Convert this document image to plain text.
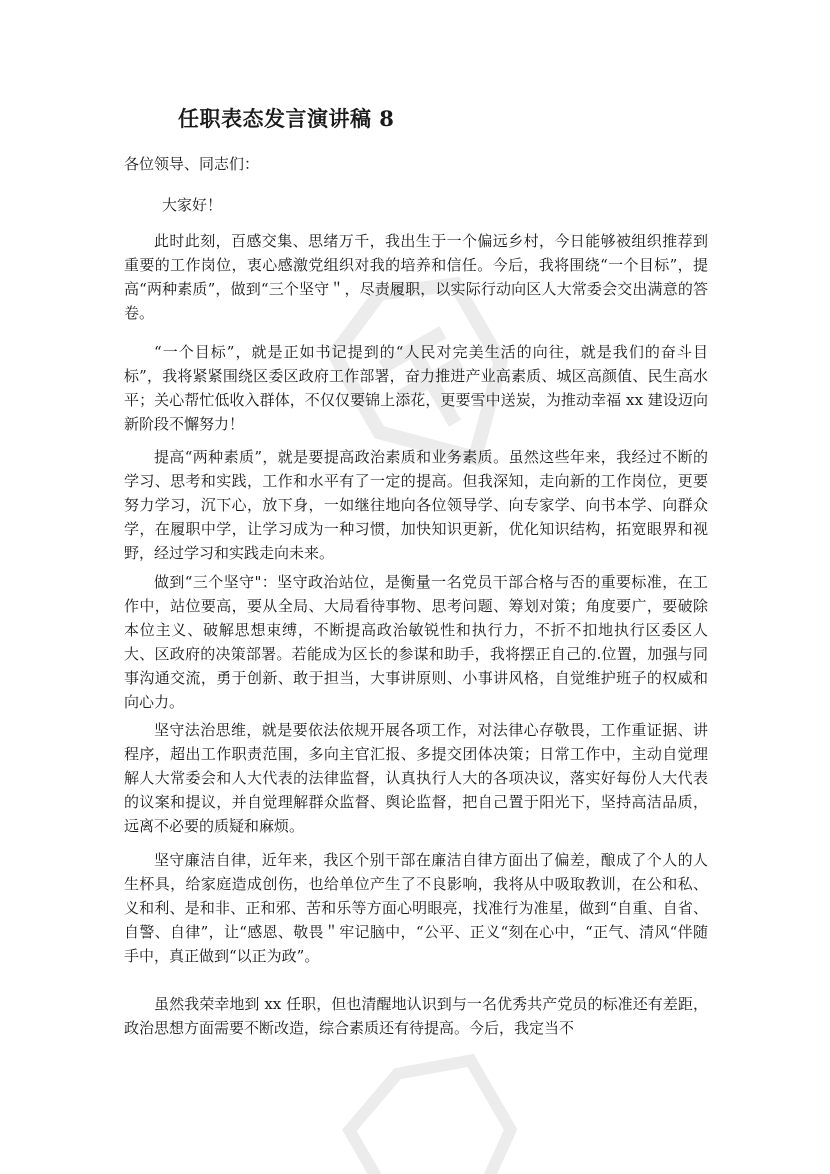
任职表态发言演讲稿 8
各位领导、同志们：
大家好！

此时此刻，百感交集、思绪万千，我出生于一个偏远乡村，今日能够被组织推荐到重要的工作岗位，衷心感激党组织对我的培养和信任。今后，我将围绕“一个目标”，提高“两种素质”，做到“三个坚守＂，尽责履职，以实际行动向区人大常委会交出满意的答卷。

“一个目标”，就是正如书记提到的“人民对完美生活的向往，就是我们的奋斗目标”，我将紧紧围绕区委区政府工作部署，奋力推进产业高素质、城区高颜值、民生高水平；关心帮忙低收入群体，不仅仅要锦上添花，更要雪中送炭，为推动幸福 xx 建设迈向新阶段不懈努力！

提高“两种素质”，就是要提高政治素质和业务素质。虽然这些年来，我经过不断的学习、思考和实践，工作和水平有了一定的提高。但我深知，走向新的工作岗位，更要努力学习，沉下心，放下身，一如继往地向各位领导学、向专家学、向书本学、向群众学，在履职中学，让学习成为一种习惯，加快知识更新，优化知识结构，拓宽眼界和视野，经过学习和实践走向未来。

做到“三个坚守"：坚守政治站位，是衡量一名党员干部合格与否的重要标准，在工作中，站位要高，要从全局、大局看待事物、思考问题、筹划对策；角度要广，要破除本位主义、破解思想束缚，不断提高政治敏锐性和执行力，不折不扣地执行区委区人大、区政府的决策部署。若能成为区长的参谋和助手，我将摆正自己的.位置，加强与同事沟通交流，勇于创新、敢于担当，大事讲原则、小事讲风格，自觉维护班子的权威和向心力。

坚守法治思维，就是要依法依规开展各项工作，对法律心存敬畏，工作重证据、讲程序，超出工作职责范围，多向主官汇报、多提交团体决策；日常工作中，主动自觉理解人大常委会和人大代表的法律监督，认真执行人大的各项决议，落实好每份人大代表的议案和提议，并自觉理解群众监督、舆论监督，把自己置于阳光下，坚持高洁品质，远离不必要的质疑和麻烦。

坚守廉洁自律，近年来，我区个别干部在廉洁自律方面出了偏差，酿成了个人的人生杯具，给家庭造成创伤，也给单位产生了不良影响，我将从中吸取教训，在公和私、义和利、是和非、正和邪、苦和乐等方面心明眼亮，找准行为准星，做到“自重、自省、自警、自律”，让“感恩、敬畏＂牢记脑中，“公平、正义“刻在心中，“正气、清风“伴随手中，真正做到“以正为政”。

虽然我荣幸地到 xx 任职，但也清醒地认识到与一名优秀共产党员的标准还有差距，政治思想方面需要不断改造，综合素质还有待提高。今后，我定当不
